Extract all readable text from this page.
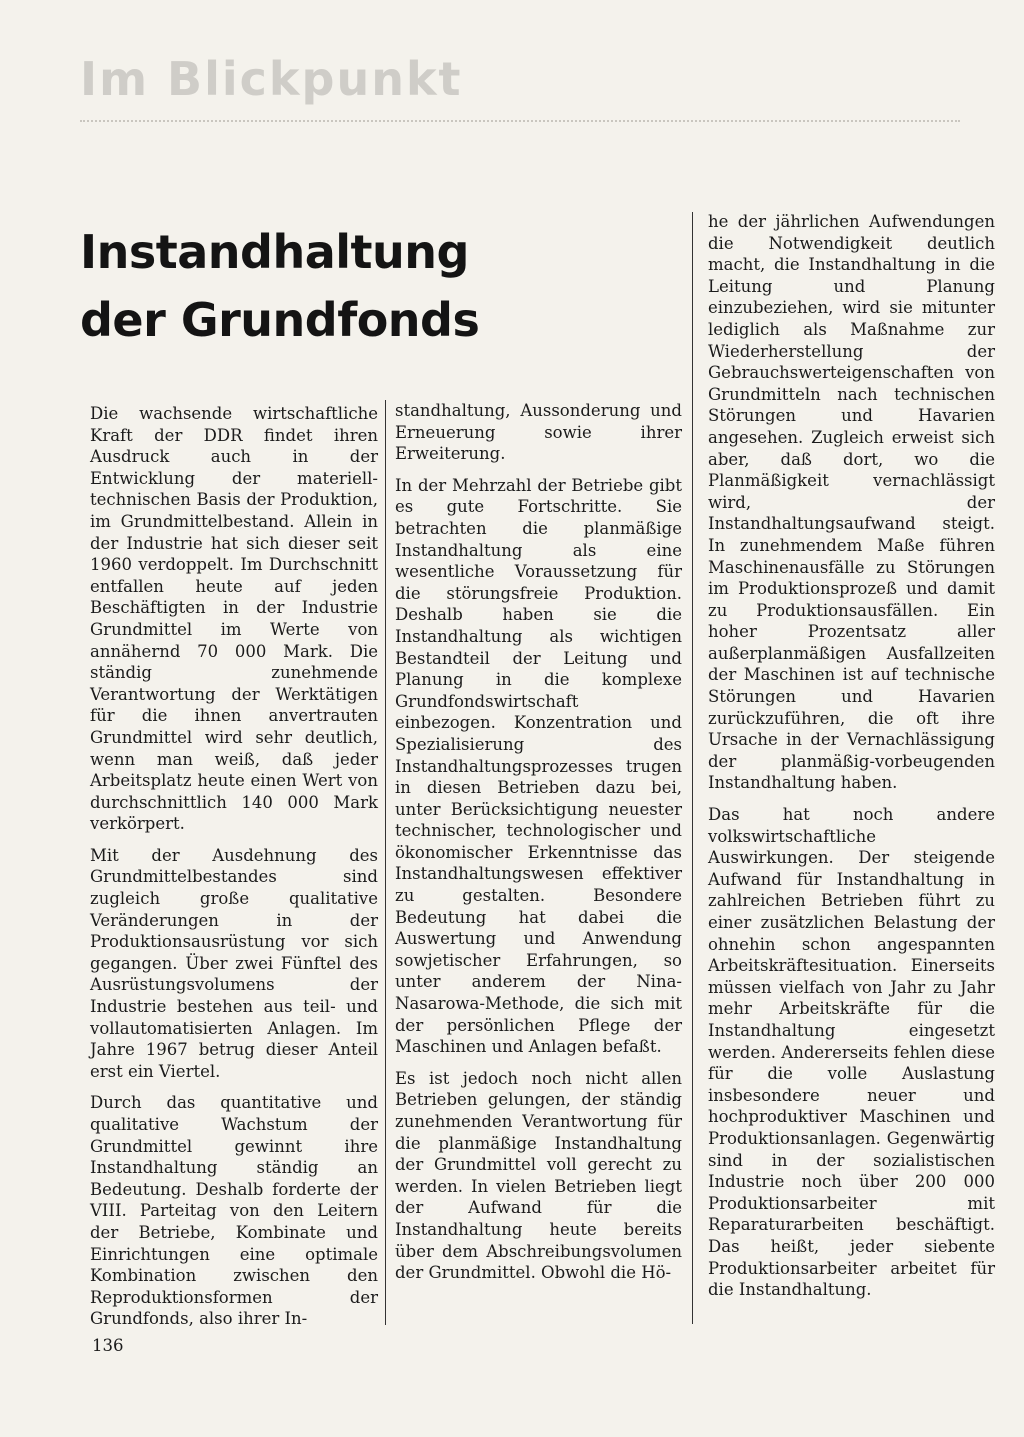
Im Blickpunkt
Instandhaltung
der Grundfonds

Die wachsende wirtschaftliche Kraft der DDR findet ihren Ausdruck auch in der Entwicklung der materiell-technischen Basis der Produktion, im Grundmittelbestand. Allein in der Industrie hat sich dieser seit 1960 verdoppelt. Im Durchschnitt entfallen heute auf jeden Beschäftigten in der Industrie Grundmittel im Werte von annähernd 70 000 Mark. Die ständig zunehmende Verantwortung der Werktätigen für die ihnen anvertrauten Grundmittel wird sehr deutlich, wenn man weiß, daß jeder Arbeitsplatz heute einen Wert von durchschnittlich 140 000 Mark verkörpert.

Mit der Ausdehnung des Grundmittelbestandes sind zugleich große qualitative Veränderungen in der Produktionsausrüstung vor sich gegangen. Über zwei Fünftel des Ausrüstungsvolumens der Industrie bestehen aus teil- und vollautomatisierten Anlagen. Im Jahre 1967 betrug dieser Anteil erst ein Viertel.

Durch das quantitative und qualitative Wachstum der Grundmittel gewinnt ihre Instandhaltung ständig an Bedeutung. Deshalb forderte der VIII. Parteitag von den Leitern der Betriebe, Kombinate und Einrichtungen eine optimale Kombination zwischen den Reproduktionsformen der Grundfonds, also ihrer In-

standhaltung, Aussonderung und Erneuerung sowie ihrer Erweiterung.

In der Mehrzahl der Betriebe gibt es gute Fortschritte. Sie betrachten die planmäßige Instandhaltung als eine wesentliche Voraussetzung für die störungsfreie Produktion. Deshalb haben sie die Instandhaltung als wichtigen Bestandteil der Leitung und Planung in die komplexe Grundfondswirtschaft einbezogen. Konzentration und Spezialisierung des Instandhaltungsprozesses trugen in diesen Betrieben dazu bei, unter Berücksichtigung neuester technischer, technologischer und ökonomischer Erkenntnisse das Instandhaltungswesen effektiver zu gestalten. Besondere Bedeutung hat dabei die Auswertung und Anwendung sowjetischer Erfahrungen, so unter anderem der Nina-Nasarowa-Methode, die sich mit der persönlichen Pflege der Maschinen und Anlagen befaßt.

Es ist jedoch noch nicht allen Betrieben gelungen, der ständig zunehmenden Verantwortung für die planmäßige Instandhaltung der Grundmittel voll gerecht zu werden. In vielen Betrieben liegt der Aufwand für die Instandhaltung heute bereits über dem Abschreibungsvolumen der Grundmittel. Obwohl die Hö-

he der jährlichen Aufwendungen die Notwendigkeit deutlich macht, die Instandhaltung in die Leitung und Planung einzubeziehen, wird sie mitunter lediglich als Maßnahme zur Wiederherstellung der Gebrauchswerteigenschaften von Grundmitteln nach technischen Störungen und Havarien angesehen. Zugleich erweist sich aber, daß dort, wo die Planmäßigkeit vernachlässigt wird, der Instandhaltungsaufwand steigt. In zunehmendem Maße führen Maschinenausfälle zu Störungen im Produktionsprozeß und damit zu Produktionsausfällen. Ein hoher Prozentsatz aller außerplanmäßigen Ausfallzeiten der Maschinen ist auf technische Störungen und Havarien zurückzuführen, die oft ihre Ursache in der Vernachlässigung der planmäßig-vorbeugenden Instandhaltung haben.

Das hat noch andere volkswirtschaftliche Auswirkungen. Der steigende Aufwand für Instandhaltung in zahlreichen Betrieben führt zu einer zusätzlichen Belastung der ohnehin schon angespannten Arbeitskräftesituation. Einerseits müssen vielfach von Jahr zu Jahr mehr Arbeitskräfte für die Instandhaltung eingesetzt werden. Andererseits fehlen diese für die volle Auslastung insbesondere neuer und hochproduktiver Maschinen und Produktionsanlagen. Gegenwärtig sind in der sozialistischen Industrie noch über 200 000 Produktionsarbeiter mit Reparaturarbeiten beschäftigt. Das heißt, jeder siebente Produktionsarbeiter arbeitet für die Instandhaltung.

136
